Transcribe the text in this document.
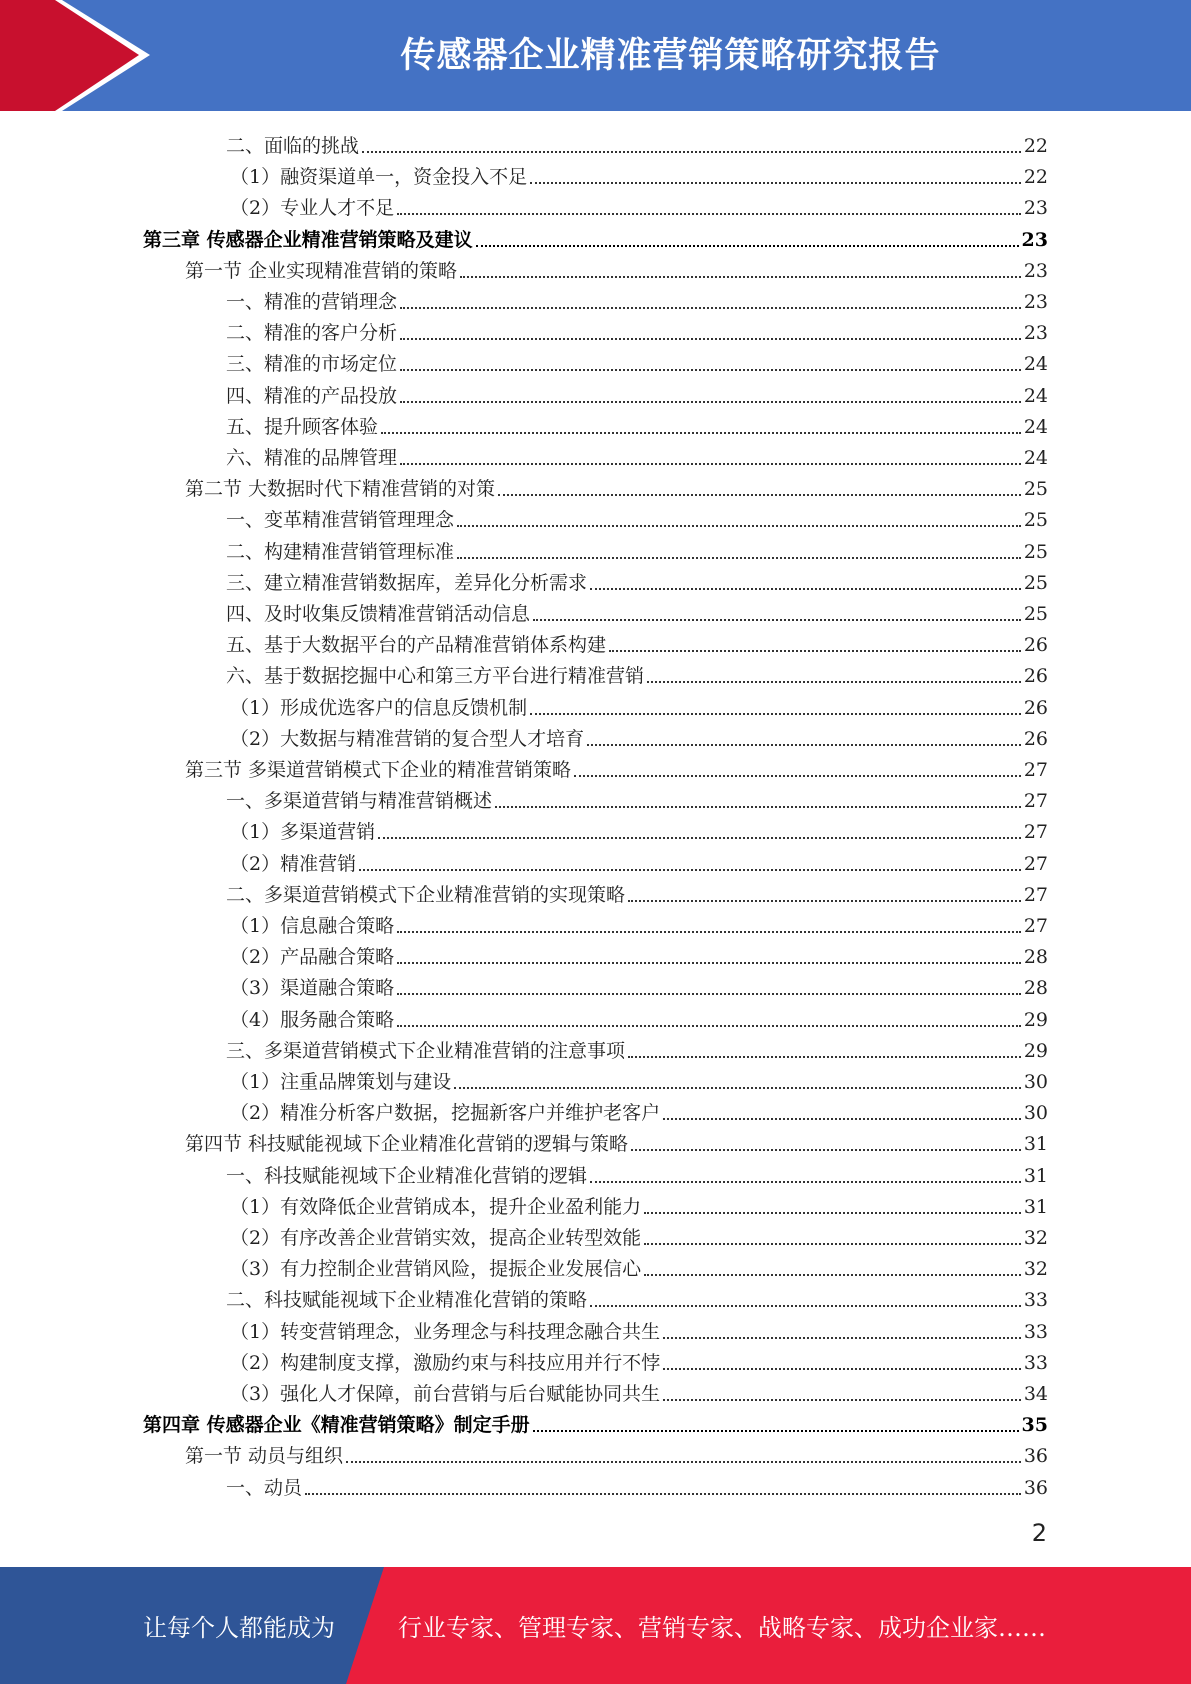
传感器企业精准营销策略研究报告
二、面临的挑战	22
（1）融资渠道单一，资金投入不足	22
（2）专业人才不足	23
第三章 传感器企业精准营销策略及建议	23
第一节 企业实现精准营销的策略	23
一、精准的营销理念	23
二、精准的客户分析	23
三、精准的市场定位	24
四、精准的产品投放	24
五、提升顾客体验	24
六、精准的品牌管理	24
第二节 大数据时代下精准营销的对策	25
一、变革精准营销管理理念	25
二、构建精准营销管理标准	25
三、建立精准营销数据库，差异化分析需求	25
四、及时收集反馈精准营销活动信息	25
五、基于大数据平台的产品精准营销体系构建	26
六、基于数据挖掘中心和第三方平台进行精准营销	26
（1）形成优选客户的信息反馈机制	26
（2）大数据与精准营销的复合型人才培育	26
第三节 多渠道营销模式下企业的精准营销策略	27
一、多渠道营销与精准营销概述	27
（1）多渠道营销	27
（2）精准营销	27
二、多渠道营销模式下企业精准营销的实现策略	27
（1）信息融合策略	27
（2）产品融合策略	28
（3）渠道融合策略	28
（4）服务融合策略	29
三、多渠道营销模式下企业精准营销的注意事项	29
（1）注重品牌策划与建设	30
（2）精准分析客户数据，挖掘新客户并维护老客户	30
第四节 科技赋能视域下企业精准化营销的逻辑与策略	31
一、科技赋能视域下企业精准化营销的逻辑	31
（1）有效降低企业营销成本，提升企业盈利能力	31
（2）有序改善企业营销实效，提高企业转型效能	32
（3）有力控制企业营销风险，提振企业发展信心	32
二、科技赋能视域下企业精准化营销的策略	33
（1）转变营销理念，业务理念与科技理念融合共生	33
（2）构建制度支撑，激励约束与科技应用并行不悖	33
（3）强化人才保障，前台营销与后台赋能协同共生	34
第四章 传感器企业《精准营销策略》制定手册	35
第一节 动员与组织	36
一、动员	36
2
让每个人都能成为	行业专家、管理专家、营销专家、战略专家、成功企业家……
